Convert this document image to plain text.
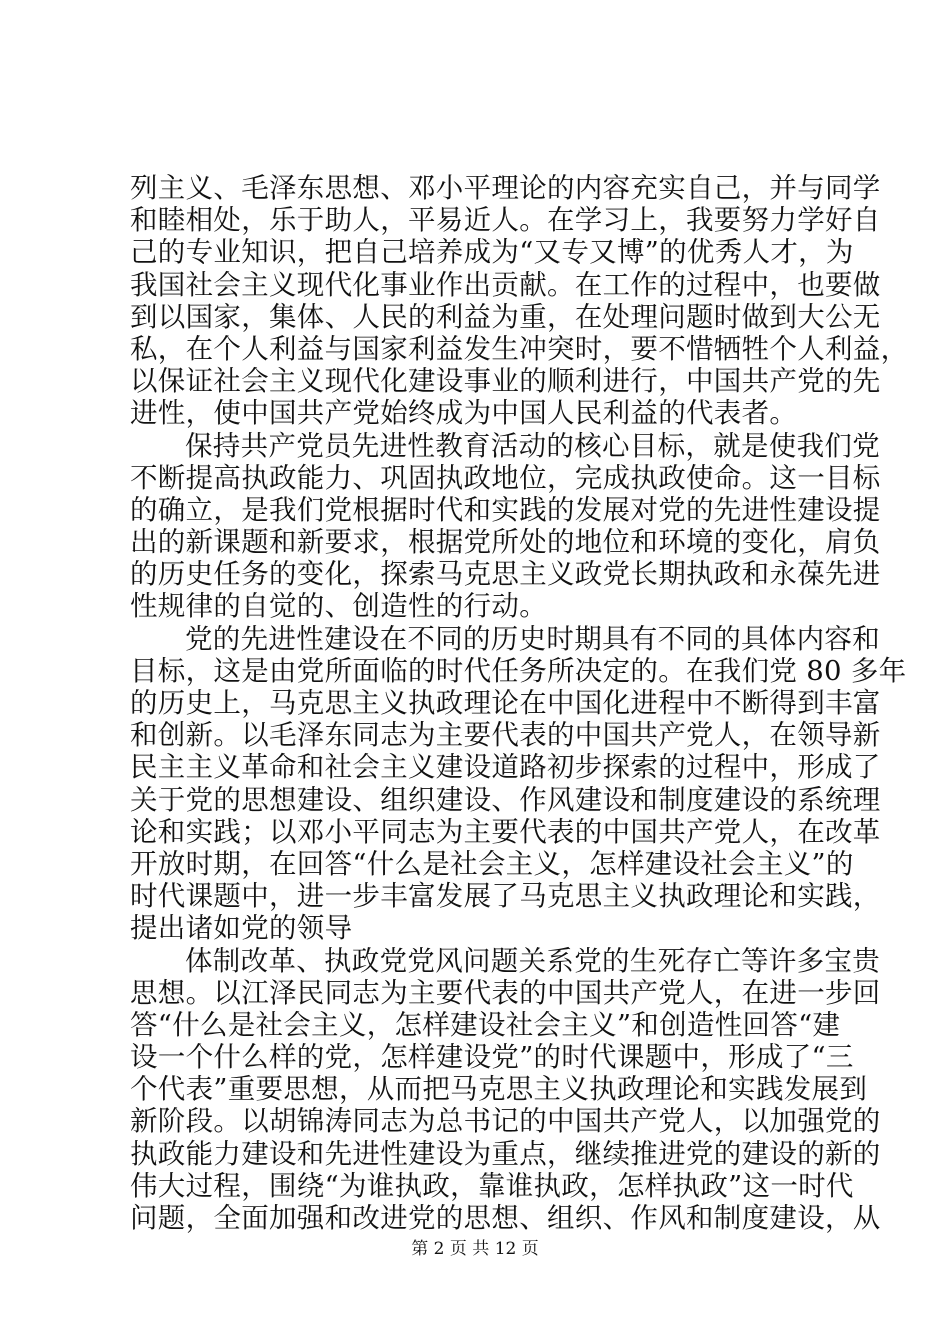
列主义、毛泽东思想、邓小平理论的内容充实自己，并与同学
和睦相处，乐于助人，平易近人。在学习上，我要努力学好自
己的专业知识，把自己培养成为“又专又博”的优秀人才，为
我国社会主义现代化事业作出贡献。在工作的过程中，也要做
到以国家，集体、人民的利益为重，在处理问题时做到大公无
私，在个人利益与国家利益发生冲突时，要不惜牺牲个人利益，
以保证社会主义现代化建设事业的顺利进行，中国共产党的先
进性，使中国共产党始终成为中国人民利益的代表者。
保持共产党员先进性教育活动的核心目标，就是使我们党
不断提高执政能力、巩固执政地位，完成执政使命。这一目标
的确立，是我们党根据时代和实践的发展对党的先进性建设提
出的新课题和新要求，根据党所处的地位和环境的变化，肩负
的历史任务的变化，探索马克思主义政党长期执政和永葆先进
性规律的自觉的、创造性的行动。
党的先进性建设在不同的历史时期具有不同的具体内容和
目标，这是由党所面临的时代任务所决定的。在我们党 80 多年
的历史上，马克思主义执政理论在中国化进程中不断得到丰富
和创新。以毛泽东同志为主要代表的中国共产党人，在领导新
民主主义革命和社会主义建设道路初步探索的过程中，形成了
关于党的思想建设、组织建设、作风建设和制度建设的系统理
论和实践；以邓小平同志为主要代表的中国共产党人，在改革
开放时期，在回答“什么是社会主义，怎样建设社会主义”的
时代课题中，进一步丰富发展了马克思主义执政理论和实践，
提出诸如党的领导
体制改革、执政党党风问题关系党的生死存亡等许多宝贵
思想。以江泽民同志为主要代表的中国共产党人，在进一步回
答“什么是社会主义，怎样建设社会主义”和创造性回答“建
设一个什么样的党，怎样建设党”的时代课题中，形成了“三
个代表”重要思想，从而把马克思主义执政理论和实践发展到
新阶段。以胡锦涛同志为总书记的中国共产党人，以加强党的
执政能力建设和先进性建设为重点，继续推进党的建设的新的
伟大过程，围绕“为谁执政，靠谁执政，怎样执政”这一时代
问题，全面加强和改进党的思想、组织、作风和制度建设，从
第 2 页 共 12 页
